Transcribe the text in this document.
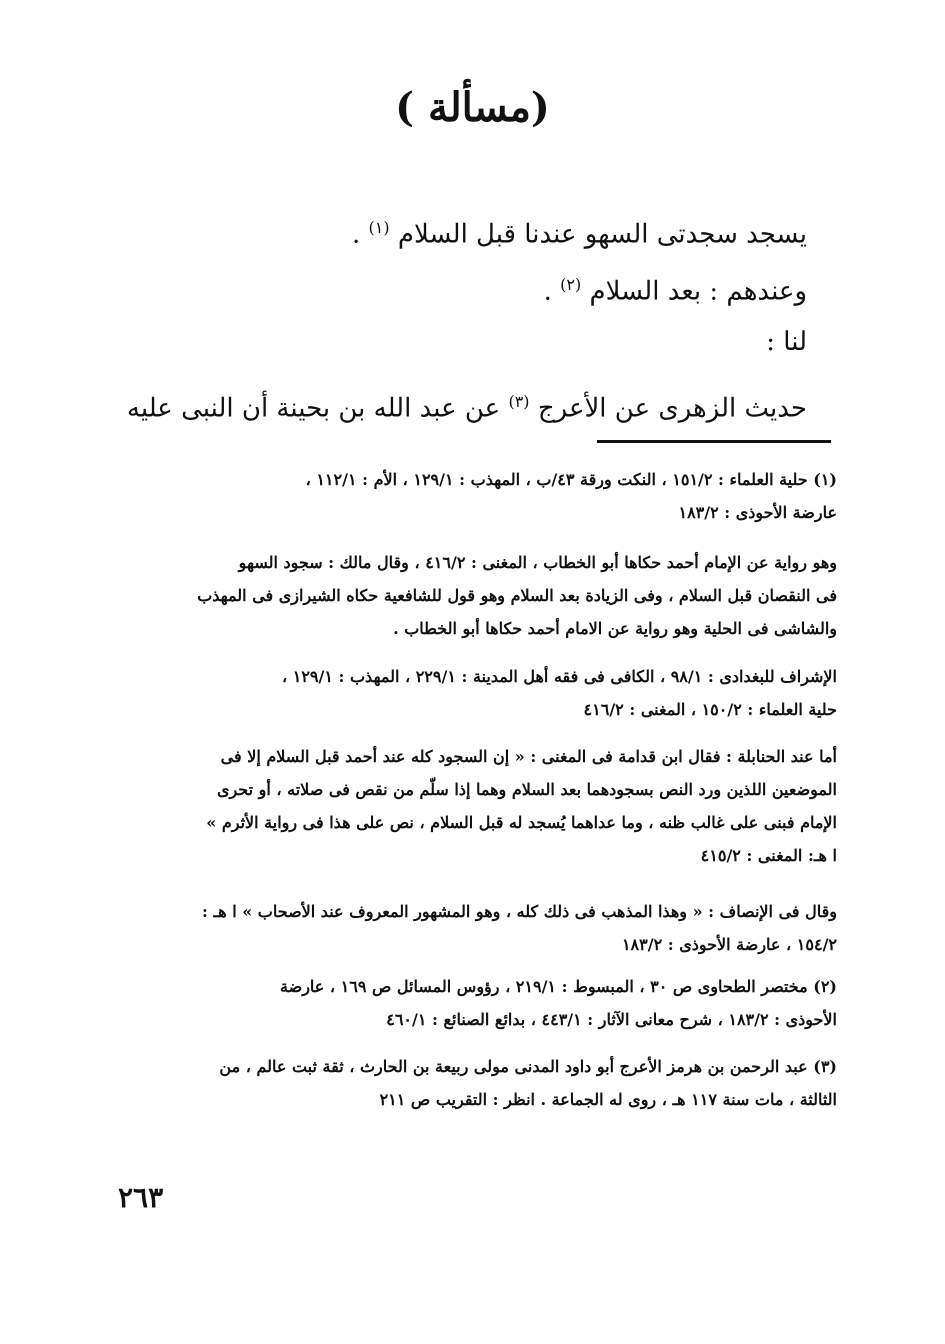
(مسألة )
يسجد سجدتى السهو عندنا قبل السلام $^{(١)}$ .
وعندهم : بعد السلام $^{(٢)}$ .
لنا :
حديث الزهرى عن الأعرج $^{(٣)}$ عن عبد الله بن بحينة أن النبى عليه
(١) حلية العلماء : ١٥١/٢ ، النكت ورقة ٤٣/ب ، المهذب : ١٢٩/١ ، الأم : ١١٢/١ ،
عارضة الأحوذى : ١٨٣/٢
وهو رواية عن الإمام أحمد حكاها أبو الخطاب ، المغنى : ٤١٦/٢ ، وقال مالك : سجود السهو
فى النقصان قبل السلام ، وفى الزيادة بعد السلام وهو قول للشافعية حكاه الشيرازى فى المهذب
والشاشى فى الحلية وهو رواية عن الامام أحمد حكاها أبو الخطاب .
الإشراف للبغدادى : ٩٨/١ ، الكافى فى فقه أهل المدينة : ٢٢٩/١ ، المهذب : ١٢٩/١ ،
حلية العلماء : ١٥٠/٢ ، المغنى : ٤١٦/٢
أما عند الحنابلة : فقال ابن قدامة فى المغنى : « إن السجود كله عند أحمد قبل السلام إلا فى
الموضعين اللذين ورد النص بسجودهما بعد السلام وهما إذا سلّم من نقص فى صلاته ، أو تحرى
الإمام فبنى على غالب ظنه ، وما عداهما يُسجد له قبل السلام ، نص على هذا فى رواية الأثرم »
ا هـ: المغنى : ٤١٥/٢
وقال فى الإنصاف : « وهذا المذهب فى ذلك كله ، وهو المشهور المعروف عند الأصحاب » ا هـ :
١٥٤/٢ ، عارضة الأحوذى : ١٨٣/٢
(٢) مختصر الطحاوى ص ٣٠ ، المبسوط : ٢١٩/١ ، رؤوس المسائل ص ١٦٩ ، عارضة
الأحوذى : ١٨٣/٢ ، شرح معانى الآثار : ٤٤٣/١ ، بدائع الصنائع : ٤٦٠/١
(٣) عبد الرحمن بن هرمز الأعرج أبو داود المدنى مولى ربيعة بن الحارث ، ثقة ثبت عالم ، من
الثالثة ، مات سنة ١١٧ هـ ، روى له الجماعة . انظر : التقريب ص ٢١١
٢٦٣
